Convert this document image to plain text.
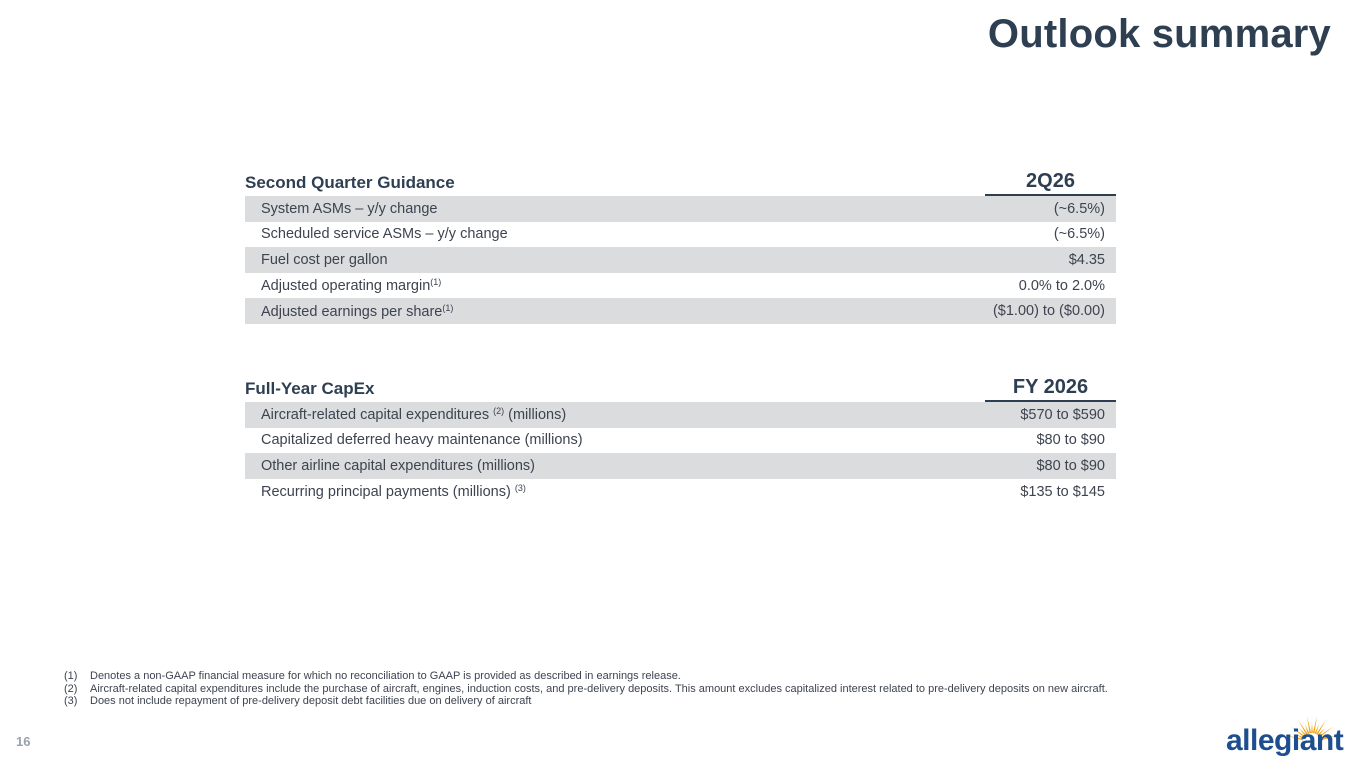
Outlook summary
Second Quarter Guidance	2Q26
System ASMs – y/y change	(~6.5%)
Scheduled service ASMs – y/y change	(~6.5%)
Fuel cost per gallon	$4.35
Adjusted operating margin$^{(1)}$	0.0% to 2.0%
Adjusted earnings per share$^{(1)}$	($1.00) to ($0.00)
Full-Year CapEx	FY 2026
Aircraft-related capital expenditures $^{(2)}$ (millions)	$570 to $590
Capitalized deferred heavy maintenance (millions)	$80 to $90
Other airline capital expenditures (millions)	$80 to $90
Recurring principal payments (millions) $^{(3)}$	$135 to $145
(1)	Denotes a non-GAAP financial measure for which no reconciliation to GAAP is provided as described in earnings release.
(2)	Aircraft-related capital expenditures include the purchase of aircraft, engines, induction costs, and pre-delivery deposits. This amount excludes capitalized interest related to pre-delivery deposits on new aircraft.
(3)	Does not include repayment of pre-delivery deposit debt facilities due on delivery of aircraft
16	allegiant
